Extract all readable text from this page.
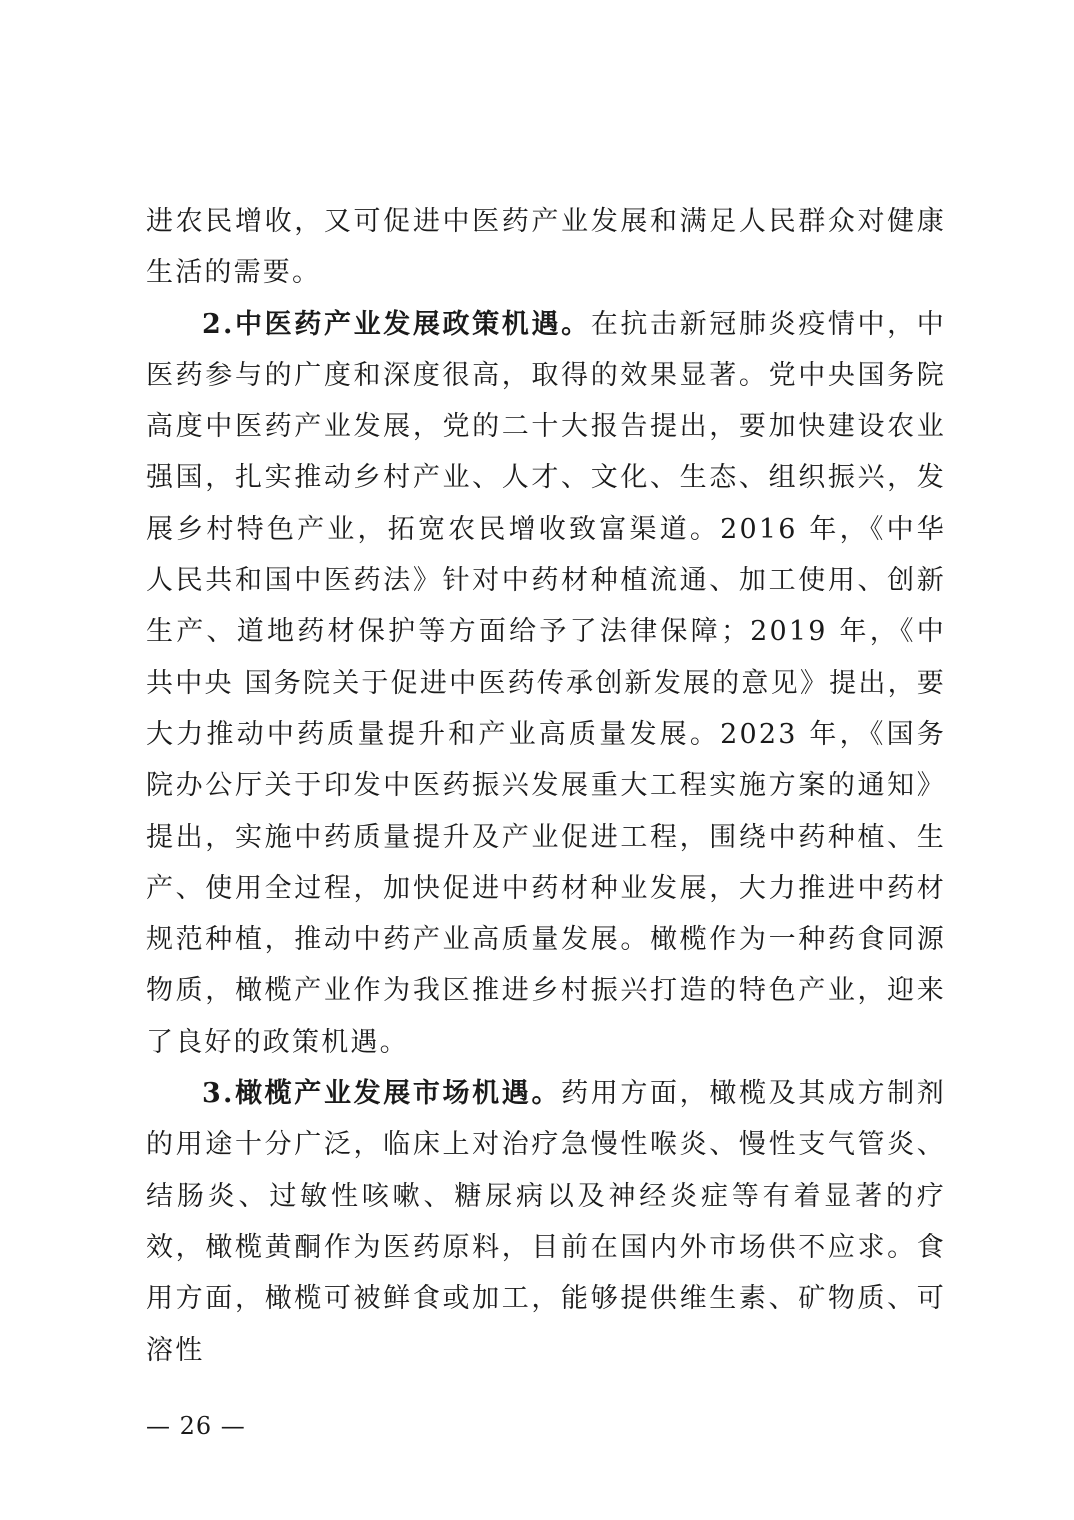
进农民增收，又可促进中医药产业发展和满足人民群众对健康生活的需要。

2.中医药产业发展政策机遇。在抗击新冠肺炎疫情中，中医药参与的广度和深度很高，取得的效果显著。党中央国务院高度中医药产业发展，党的二十大报告提出，要加快建设农业强国，扎实推动乡村产业、人才、文化、生态、组织振兴，发展乡村特色产业，拓宽农民增收致富渠道。2016 年，《中华人民共和国中医药法》针对中药材种植流通、加工使用、创新生产、道地药材保护等方面给予了法律保障；2019 年，《中共中央 国务院关于促进中医药传承创新发展的意见》提出，要大力推动中药质量提升和产业高质量发展。2023 年，《国务院办公厅关于印发中医药振兴发展重大工程实施方案的通知》提出，实施中药质量提升及产业促进工程，围绕中药种植、生产、使用全过程，加快促进中药材种业发展，大力推进中药材规范种植，推动中药产业高质量发展。橄榄作为一种药食同源物质，橄榄产业作为我区推进乡村振兴打造的特色产业，迎来了良好的政策机遇。

3.橄榄产业发展市场机遇。药用方面，橄榄及其成方制剂的用途十分广泛，临床上对治疗急慢性喉炎、慢性支气管炎、结肠炎、过敏性咳嗽、糖尿病以及神经炎症等有着显著的疗效，橄榄黄酮作为医药原料，目前在国内外市场供不应求。食用方面，橄榄可被鲜食或加工，能够提供维生素、矿物质、可溶性

— 26 —
